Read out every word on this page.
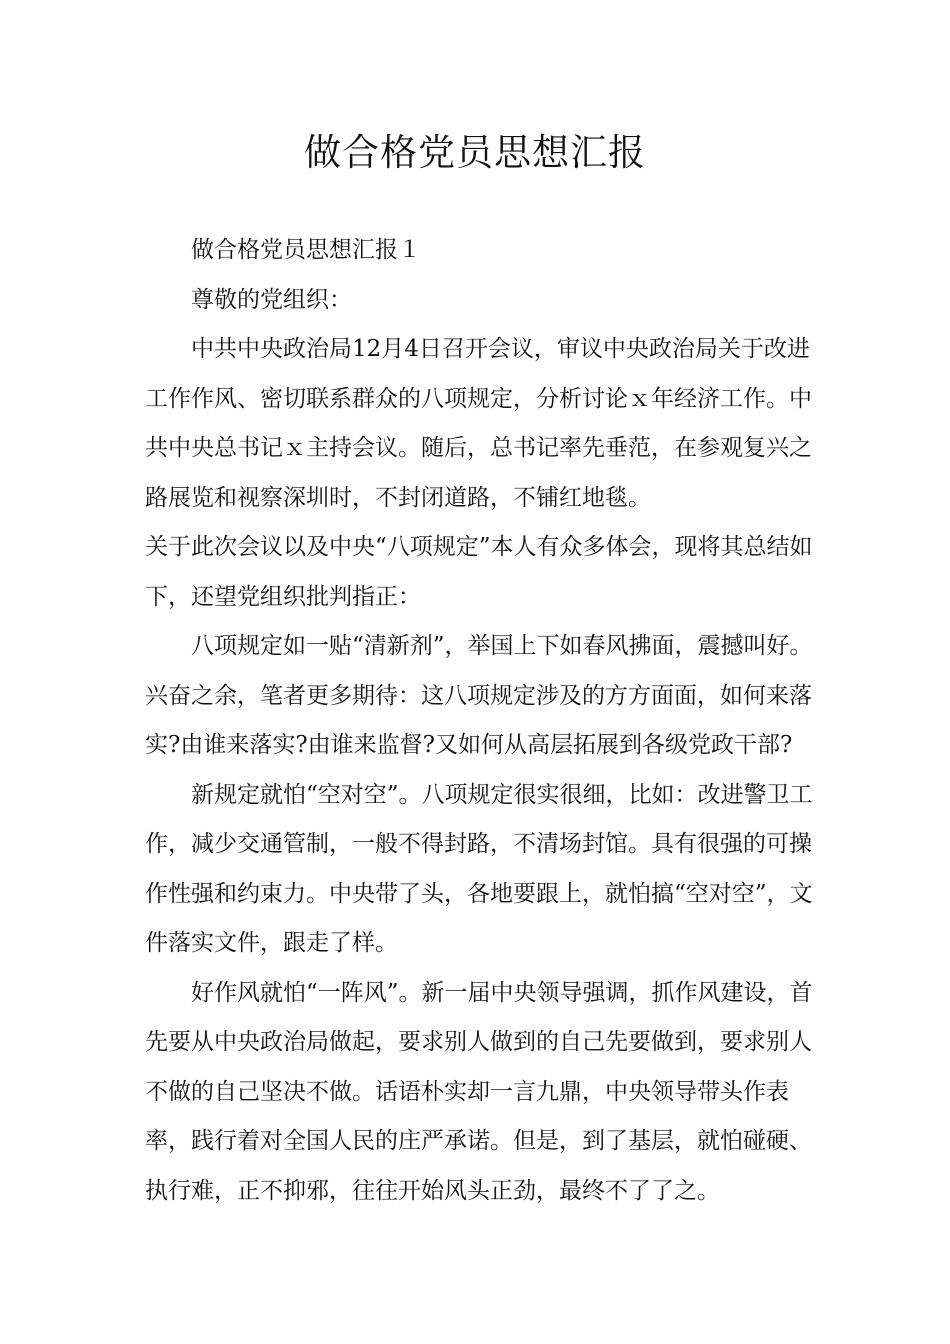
做合格党员思想汇报

做合格党员思想汇报１

尊敬的党组织：

中共中央政治局12月4日召开会议，审议中央政治局关于改进工作作风、密切联系群众的八项规定，分析讨论ｘ年经济工作。中共中央总书记ｘ主持会议。随后，总书记率先垂范，在参观复兴之路展览和视察深圳时，不封闭道路，不铺红地毯。

关于此次会议以及中央“八项规定”本人有众多体会，现将其总结如下，还望党组织批判指正：

八项规定如一贴“清新剂”，举国上下如春风拂面，震撼叫好。兴奋之余，笔者更多期待：这八项规定涉及的方方面面，如何来落实?由谁来落实?由谁来监督?又如何从高层拓展到各级党政干部?

新规定就怕“空对空”。八项规定很实很细，比如：改进警卫工作，减少交通管制，一般不得封路，不清场封馆。具有很强的可操作性强和约束力。中央带了头，各地要跟上，就怕搞“空对空”，文件落实文件，跟走了样。

好作风就怕“一阵风”。新一届中央领导强调，抓作风建设，首先要从中央政治局做起，要求别人做到的自己先要做到，要求别人不做的自己坚决不做。话语朴实却一言九鼎，中央领导带头作表率，践行着对全国人民的庄严承诺。但是，到了基层，就怕碰硬、执行难，正不抑邪，往往开始风头正劲，最终不了了之。
